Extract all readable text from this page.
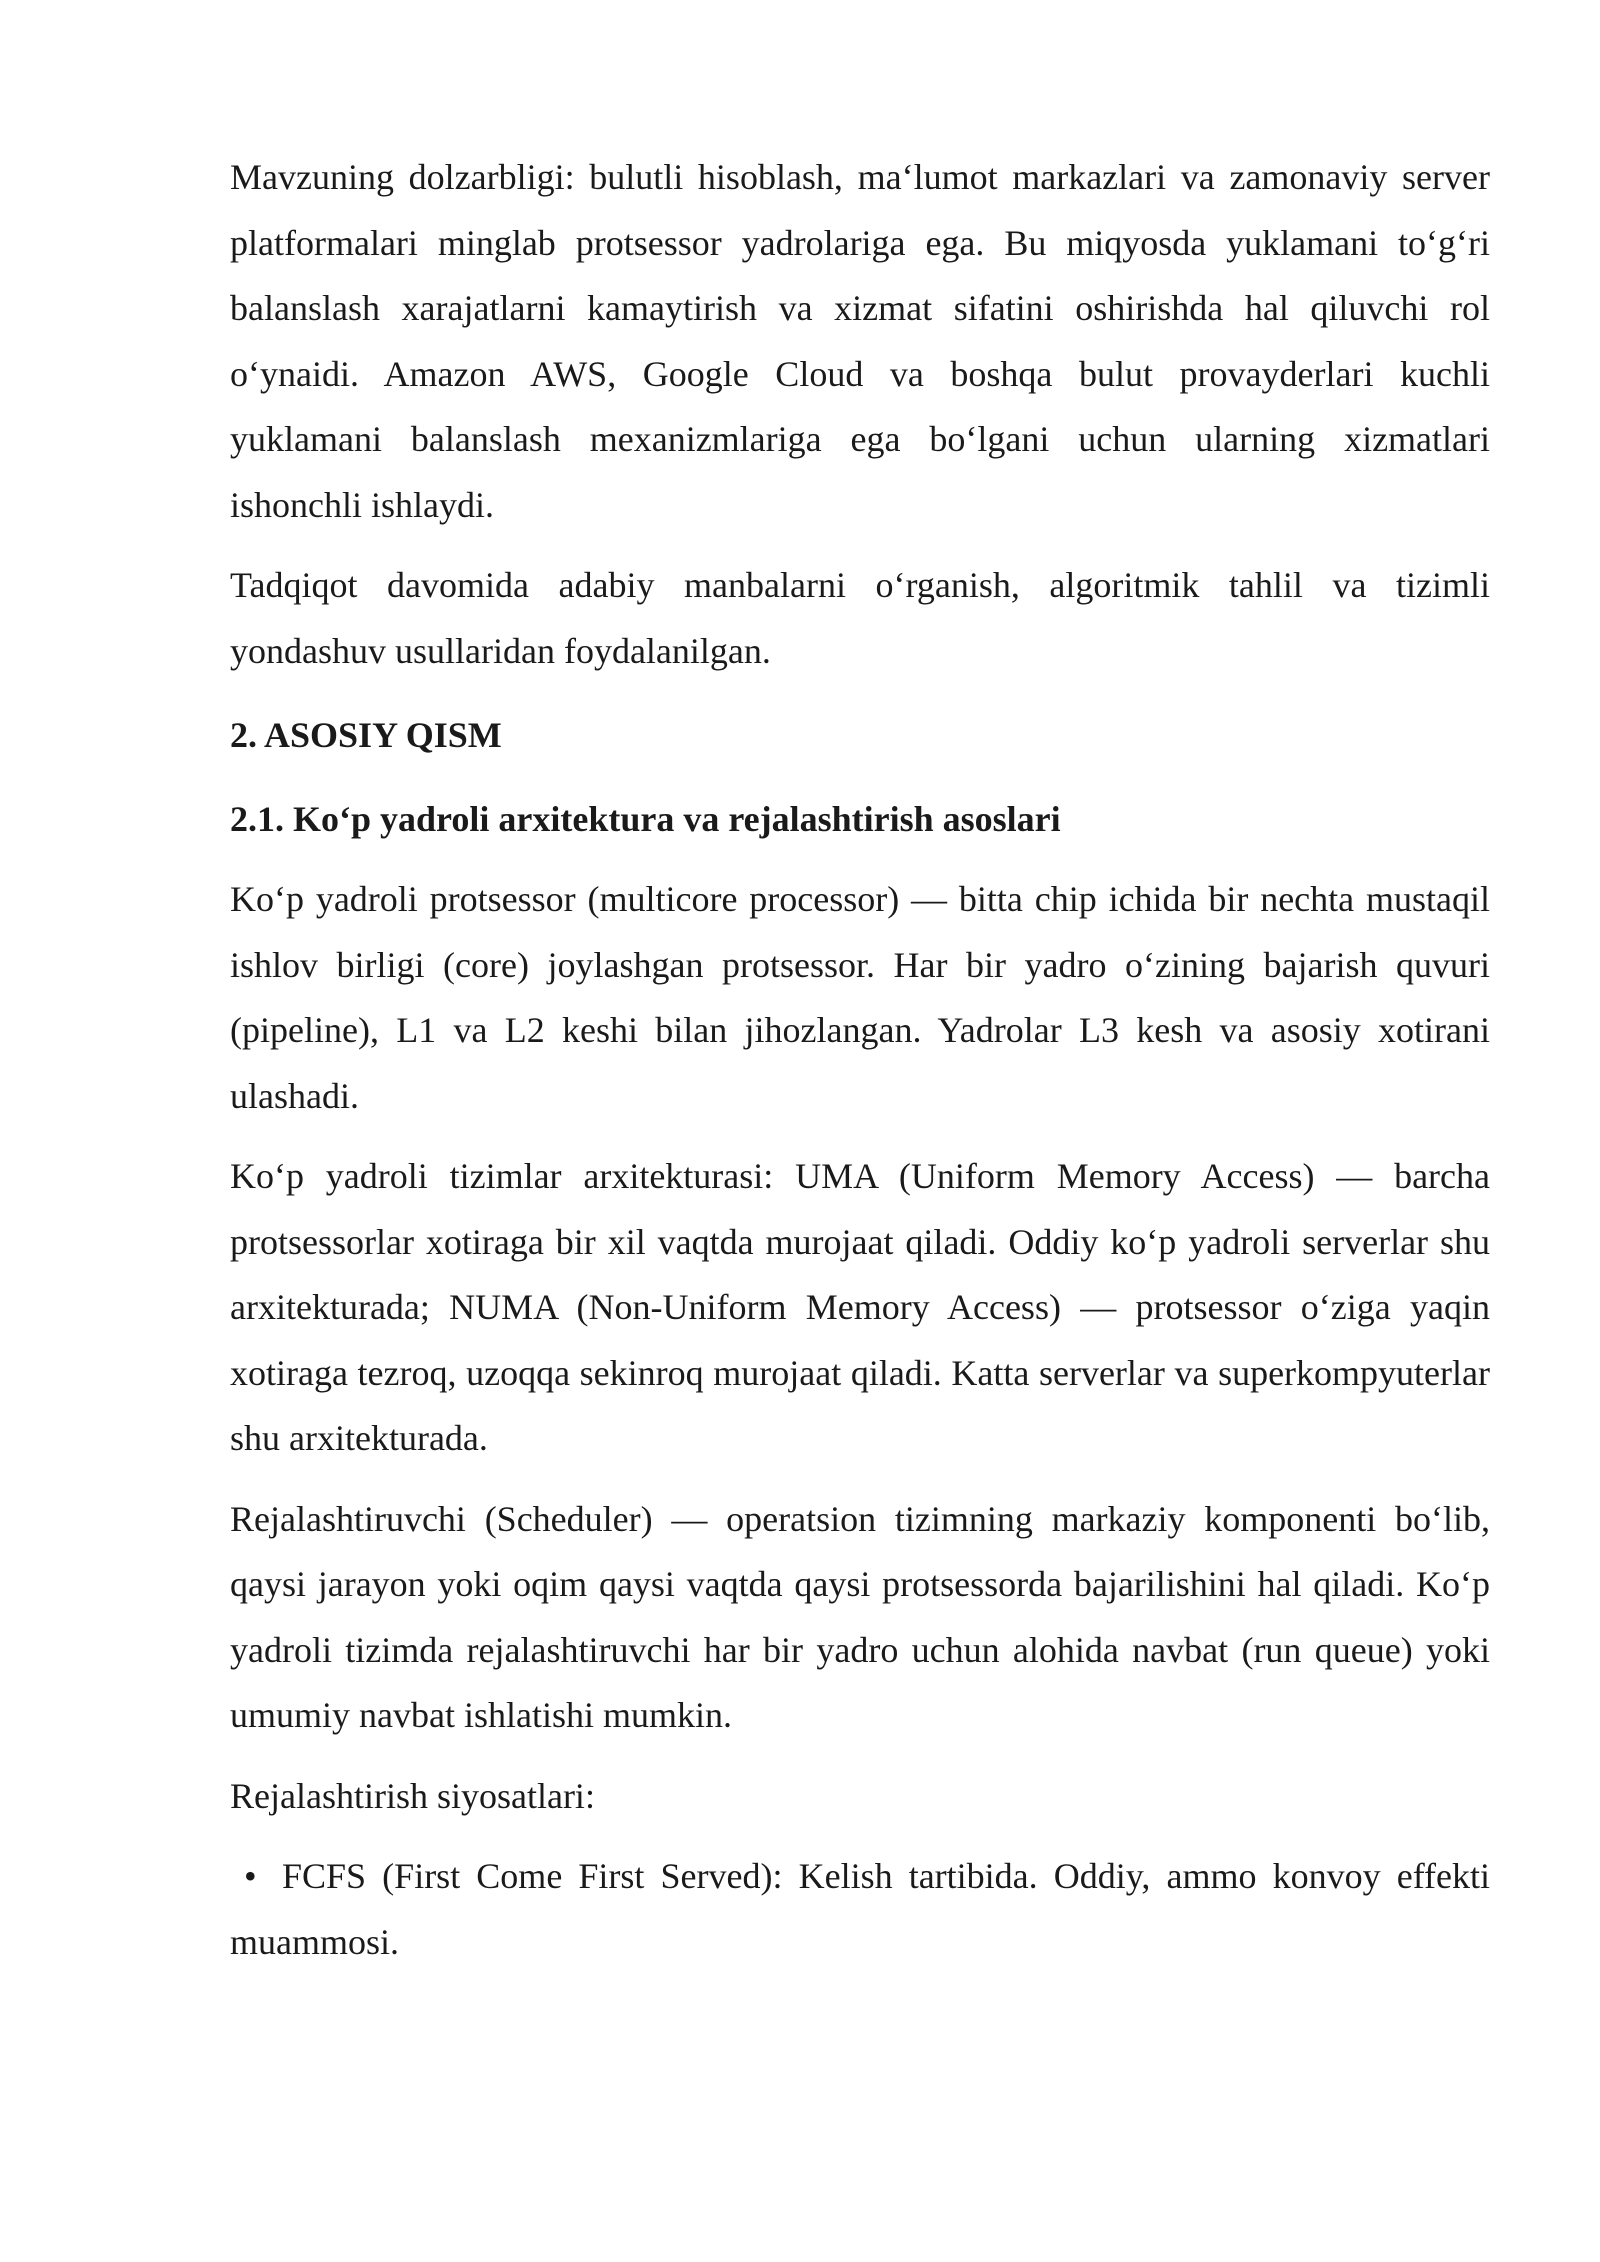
Mavzuning dolzarbligi: bulutli hisoblash, ma‘lumot markazlari va zamonaviy server platformalari minglab protsessor yadrolariga ega. Bu miqyosda yuklamani to‘g‘ri balanslash xarajatlarni kamaytirish va xizmat sifatini oshirishda hal qiluvchi rol o‘ynaidi. Amazon AWS, Google Cloud va boshqa bulut provayderlari kuchli yuklamani balanslash mexanizmlariga ega bo‘lgani uchun ularning xizmatlari ishonchli ishlaydi.

Tadqiqot davomida adabiy manbalarni o‘rganish, algoritmik tahlil va tizimli yondashuv usullaridan foydalanilgan.

2. ASOSIY QISM
2.1. Ko‘p yadroli arxitektura va rejalashtirish asoslari

Ko‘p yadroli protsessor (multicore processor) — bitta chip ichida bir nechta mustaqil ishlov birligi (core) joylashgan protsessor. Har bir yadro o‘zining bajarish quvuri (pipeline), L1 va L2 keshi bilan jihozlangan. Yadrolar L3 kesh va asosiy xotirani ulashadi.

Ko‘p yadroli tizimlar arxitekturasi: UMA (Uniform Memory Access) — barcha protsessorlar xotiraga bir xil vaqtda murojaat qiladi. Oddiy ko‘p yadroli serverlar shu arxitekturada; NUMA (Non-Uniform Memory Access) — protsessor o‘ziga yaqin xotiraga tezroq, uzoqqa sekinroq murojaat qiladi. Katta serverlar va superkompyuterlar shu arxitekturada.

Rejalashtiruvchi (Scheduler) — operatsion tizimning markaziy komponenti bo‘lib, qaysi jarayon yoki oqim qaysi vaqtda qaysi protsessorda bajarilishini hal qiladi. Ko‘p yadroli tizimda rejalashtiruvchi har bir yadro uchun alohida navbat (run queue) yoki umumiy navbat ishlatishi mumkin.

Rejalashtirish siyosatlari:

• FCFS (First Come First Served): Kelish tartibida. Oddiy, ammo konvoy effekti muammosi.
